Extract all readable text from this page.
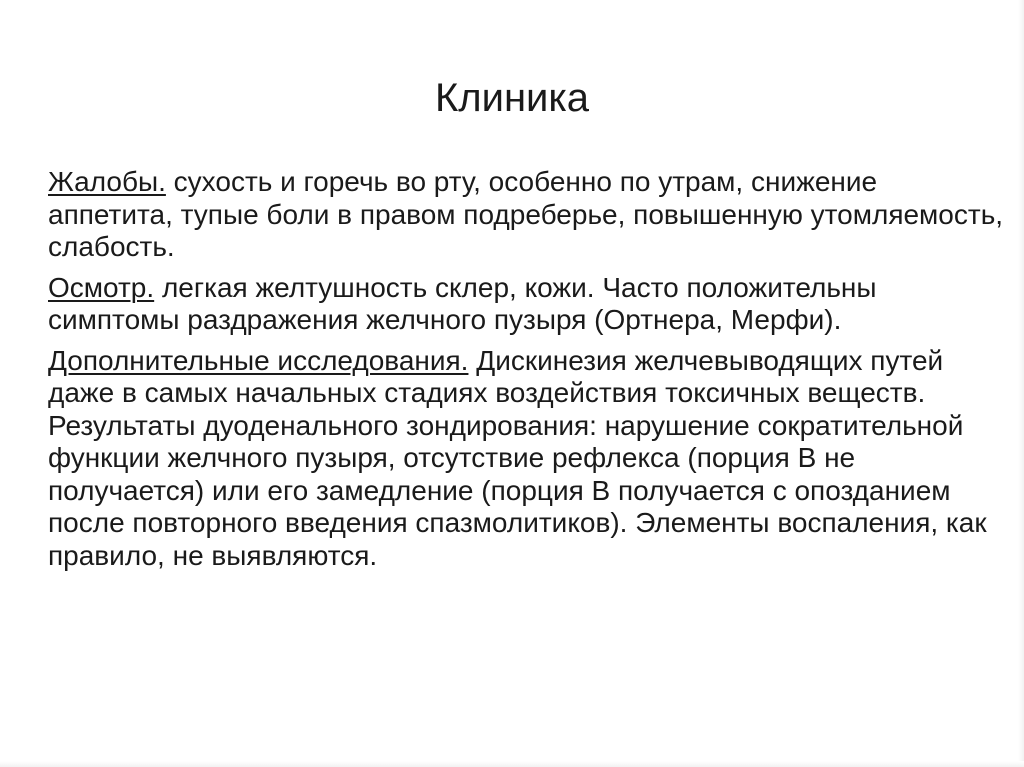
Клиника

Жалобы. сухость и горечь во рту, особенно по утрам, снижение аппетита, тупые боли в правом подреберье, повышенную утомляемость, слабость.

Осмотр. легкая желтушность склер, кожи. Часто положительны симптомы раздражения желчного пузыря (Ортнера, Мерфи).

Дополнительные исследования. Дискинезия желчевыводящих путей даже в самых начальных стадиях воздействия токсичных веществ. Результаты дуоденального зондирования: нарушение сократительной функции желчного пузыря, отсутствие рефлекса (порция В не получается) или его замедление (порция В получается с опозданием после повторного введения спазмолитиков). Элементы воспаления, как правило, не выявляются.
